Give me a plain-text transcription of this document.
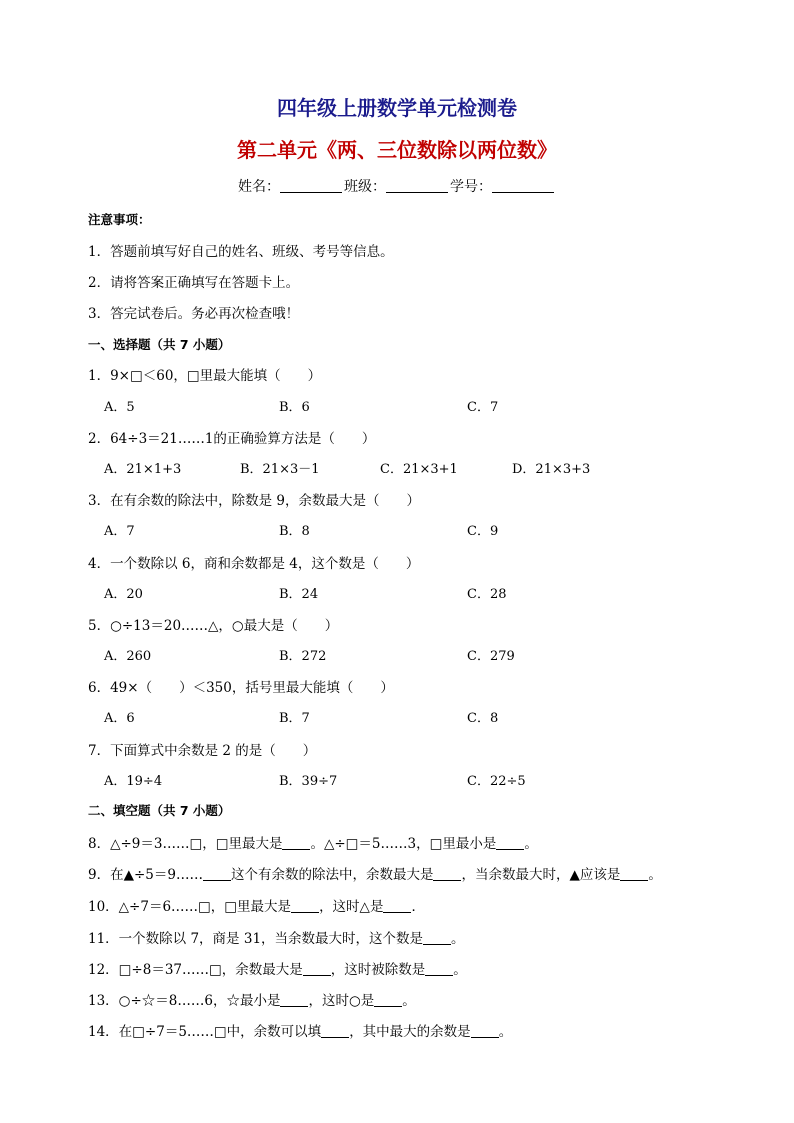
四年级上册数学单元检测卷
第二单元《两、三位数除以两位数》
姓名：	班级：	学号：
注意事项：
1．答题前填写好自己的姓名、班级、考号等信息。
2．请将答案正确填写在答题卡上。
3．答完试卷后。务必再次检查哦！
一、选择题（共 7 小题）
1．9×□＜60，□里最大能填（　　）
A．5	B．6	C．7
2．64÷3＝21……1的正确验算方法是（　　）
A．21×1+3	B．21×3－1	C．21×3+1	D．21×3+3
3．在有余数的除法中，除数是 9，余数最大是（　　）
A．7	B．8	C．9
4．一个数除以 6，商和余数都是 4，这个数是（　　）
A．20	B．24	C．28
5．○÷13＝20……△，○最大是（　　）
A．260	B．272	C．279
6．49×（　　）＜350，括号里最大能填（　　）
A．6	B．7	C．8
7．下面算式中余数是 2 的是（　　）
A．19÷4	B．39÷7	C．22÷5
二、填空题（共 7 小题）
8．△÷9＝3……□，□里最大是 。△÷□＝5……3，□里最小是 。
9．在▲÷5＝9…… 这个有余数的除法中，余数最大是 ，当余数最大时，▲应该是 。
10．△÷7＝6……□，□里最大是 ，这时△是 ．
11．一个数除以 7，商是 31，当余数最大时，这个数是 。
12．□÷8＝37……□，余数最大是 ，这时被除数是 。
13．○÷☆＝8……6，☆最小是 ，这时○是 。
14．在□÷7＝5……□中，余数可以填 ，其中最大的余数是 。
